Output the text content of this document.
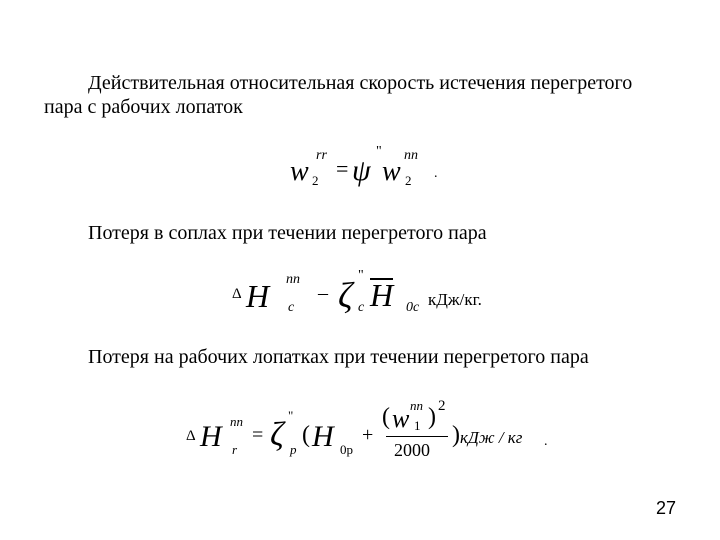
Действительная относительная скорость истечения перегретого
пара с рабочих лопаток
w 2
rr
= ψ
"
w 2
nn
.
Потеря в соплах при течении перегретого пара
Δ H nn
c
– ζ "
c H 0c кДж/кг.
Потеря на рабочих лопатках при течении перегретого пара
Δ H nn
r
= ζ
"
p
( H 0p
+
( w 1
nn ) 2
2000
) кДж / кг .
27
